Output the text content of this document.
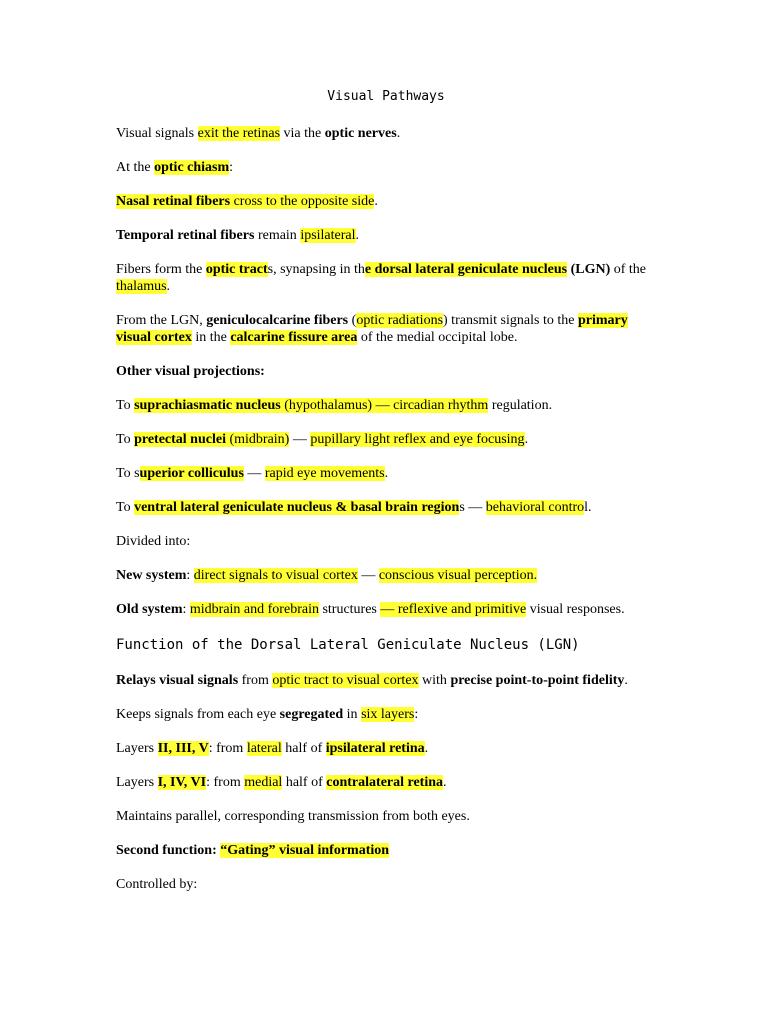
Visual Pathways

Visual signals exit the retinas via the optic nerves.

At the optic chiasm:

Nasal retinal fibers cross to the opposite side.

Temporal retinal fibers remain ipsilateral.

Fibers form the optic tracts, synapsing in the dorsal lateral geniculate nucleus (LGN) of the thalamus.

From the LGN, geniculocalcarine fibers (optic radiations) transmit signals to the primary visual cortex in the calcarine fissure area of the medial occipital lobe.

Other visual projections:

To suprachiasmatic nucleus (hypothalamus) — circadian rhythm regulation.

To pretectal nuclei (midbrain) — pupillary light reflex and eye focusing.

To superior colliculus — rapid eye movements.

To ventral lateral geniculate nucleus & basal brain regions — behavioral control.

Divided into:

New system: direct signals to visual cortex — conscious visual perception.

Old system: midbrain and forebrain structures — reflexive and primitive visual responses.

Function of the Dorsal Lateral Geniculate Nucleus (LGN)

Relays visual signals from optic tract to visual cortex with precise point-to-point fidelity.

Keeps signals from each eye segregated in six layers:

Layers II, III, V: from lateral half of ipsilateral retina.

Layers I, IV, VI: from medial half of contralateral retina.

Maintains parallel, corresponding transmission from both eyes.

Second function: “Gating” visual information

Controlled by:
